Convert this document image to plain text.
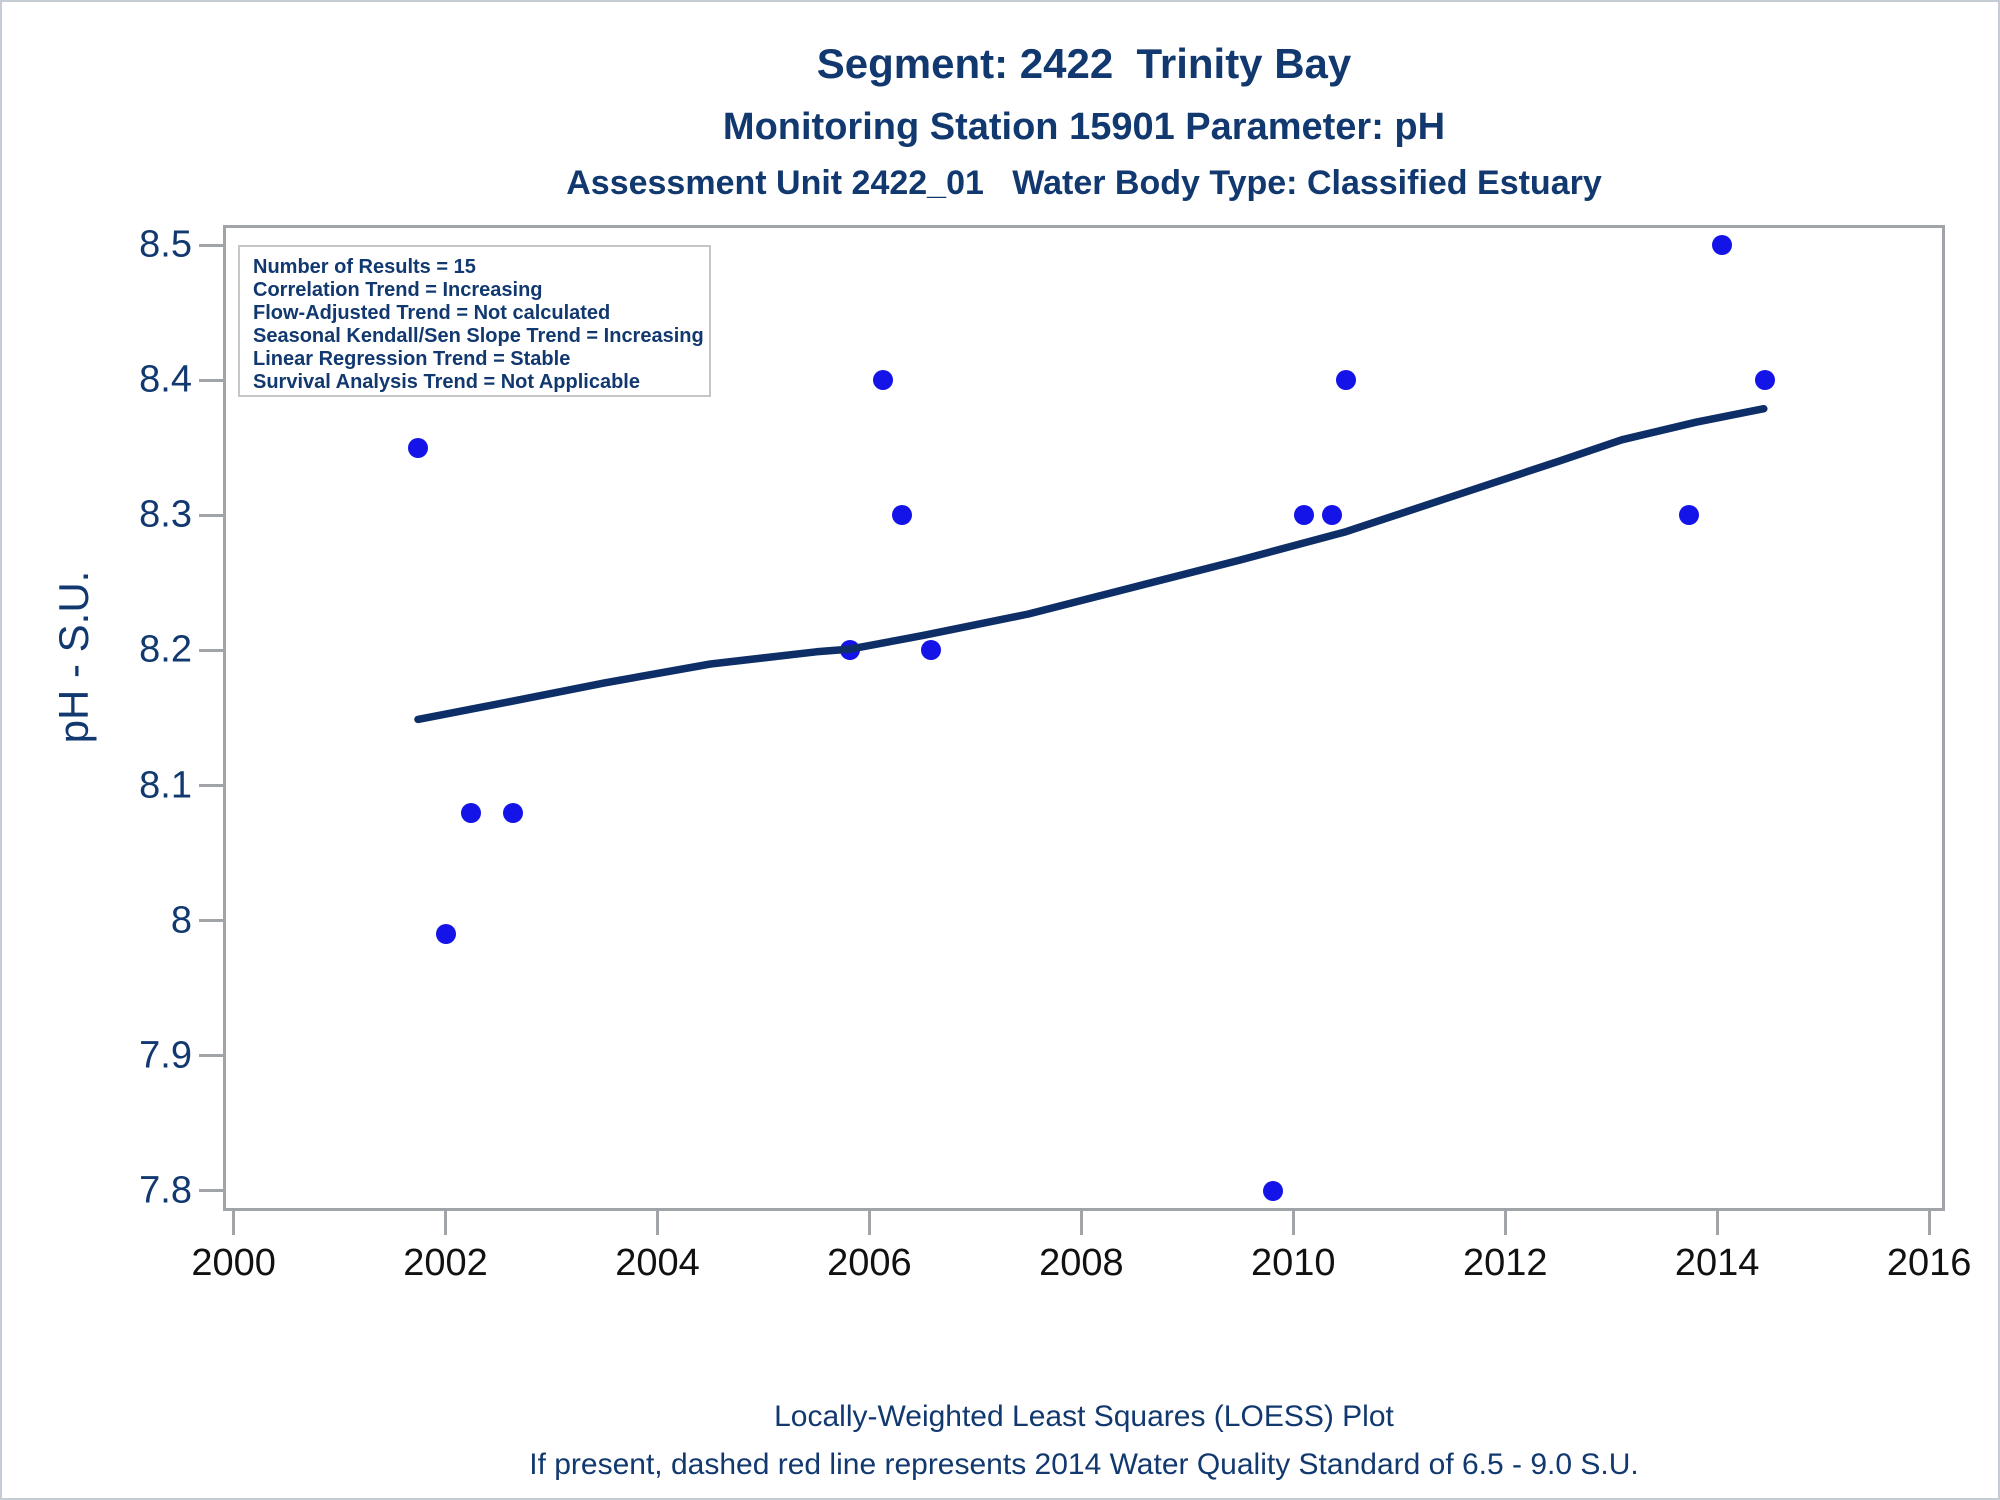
Segment: 2422  Trinity Bay
Monitoring Station 15901 Parameter: pH
Assessment Unit 2422_01   Water Body Type: Classified Estuary
pH - S.U.
Number of Results = 15
Correlation Trend = Increasing
Flow-Adjusted Trend = Not calculated
Seasonal Kendall/Sen Slope Trend = Increasing
Linear Regression Trend = Stable
Survival Analysis Trend = Not Applicable
8.5
8.4
8.3
8.2
8.1
8
7.9
7.8
2000	2002	2004	2006	2008	2010	2012	2014	2016
Locally-Weighted Least Squares (LOESS) Plot
If present, dashed red line represents 2014 Water Quality Standard of 6.5 - 9.0 S.U.
